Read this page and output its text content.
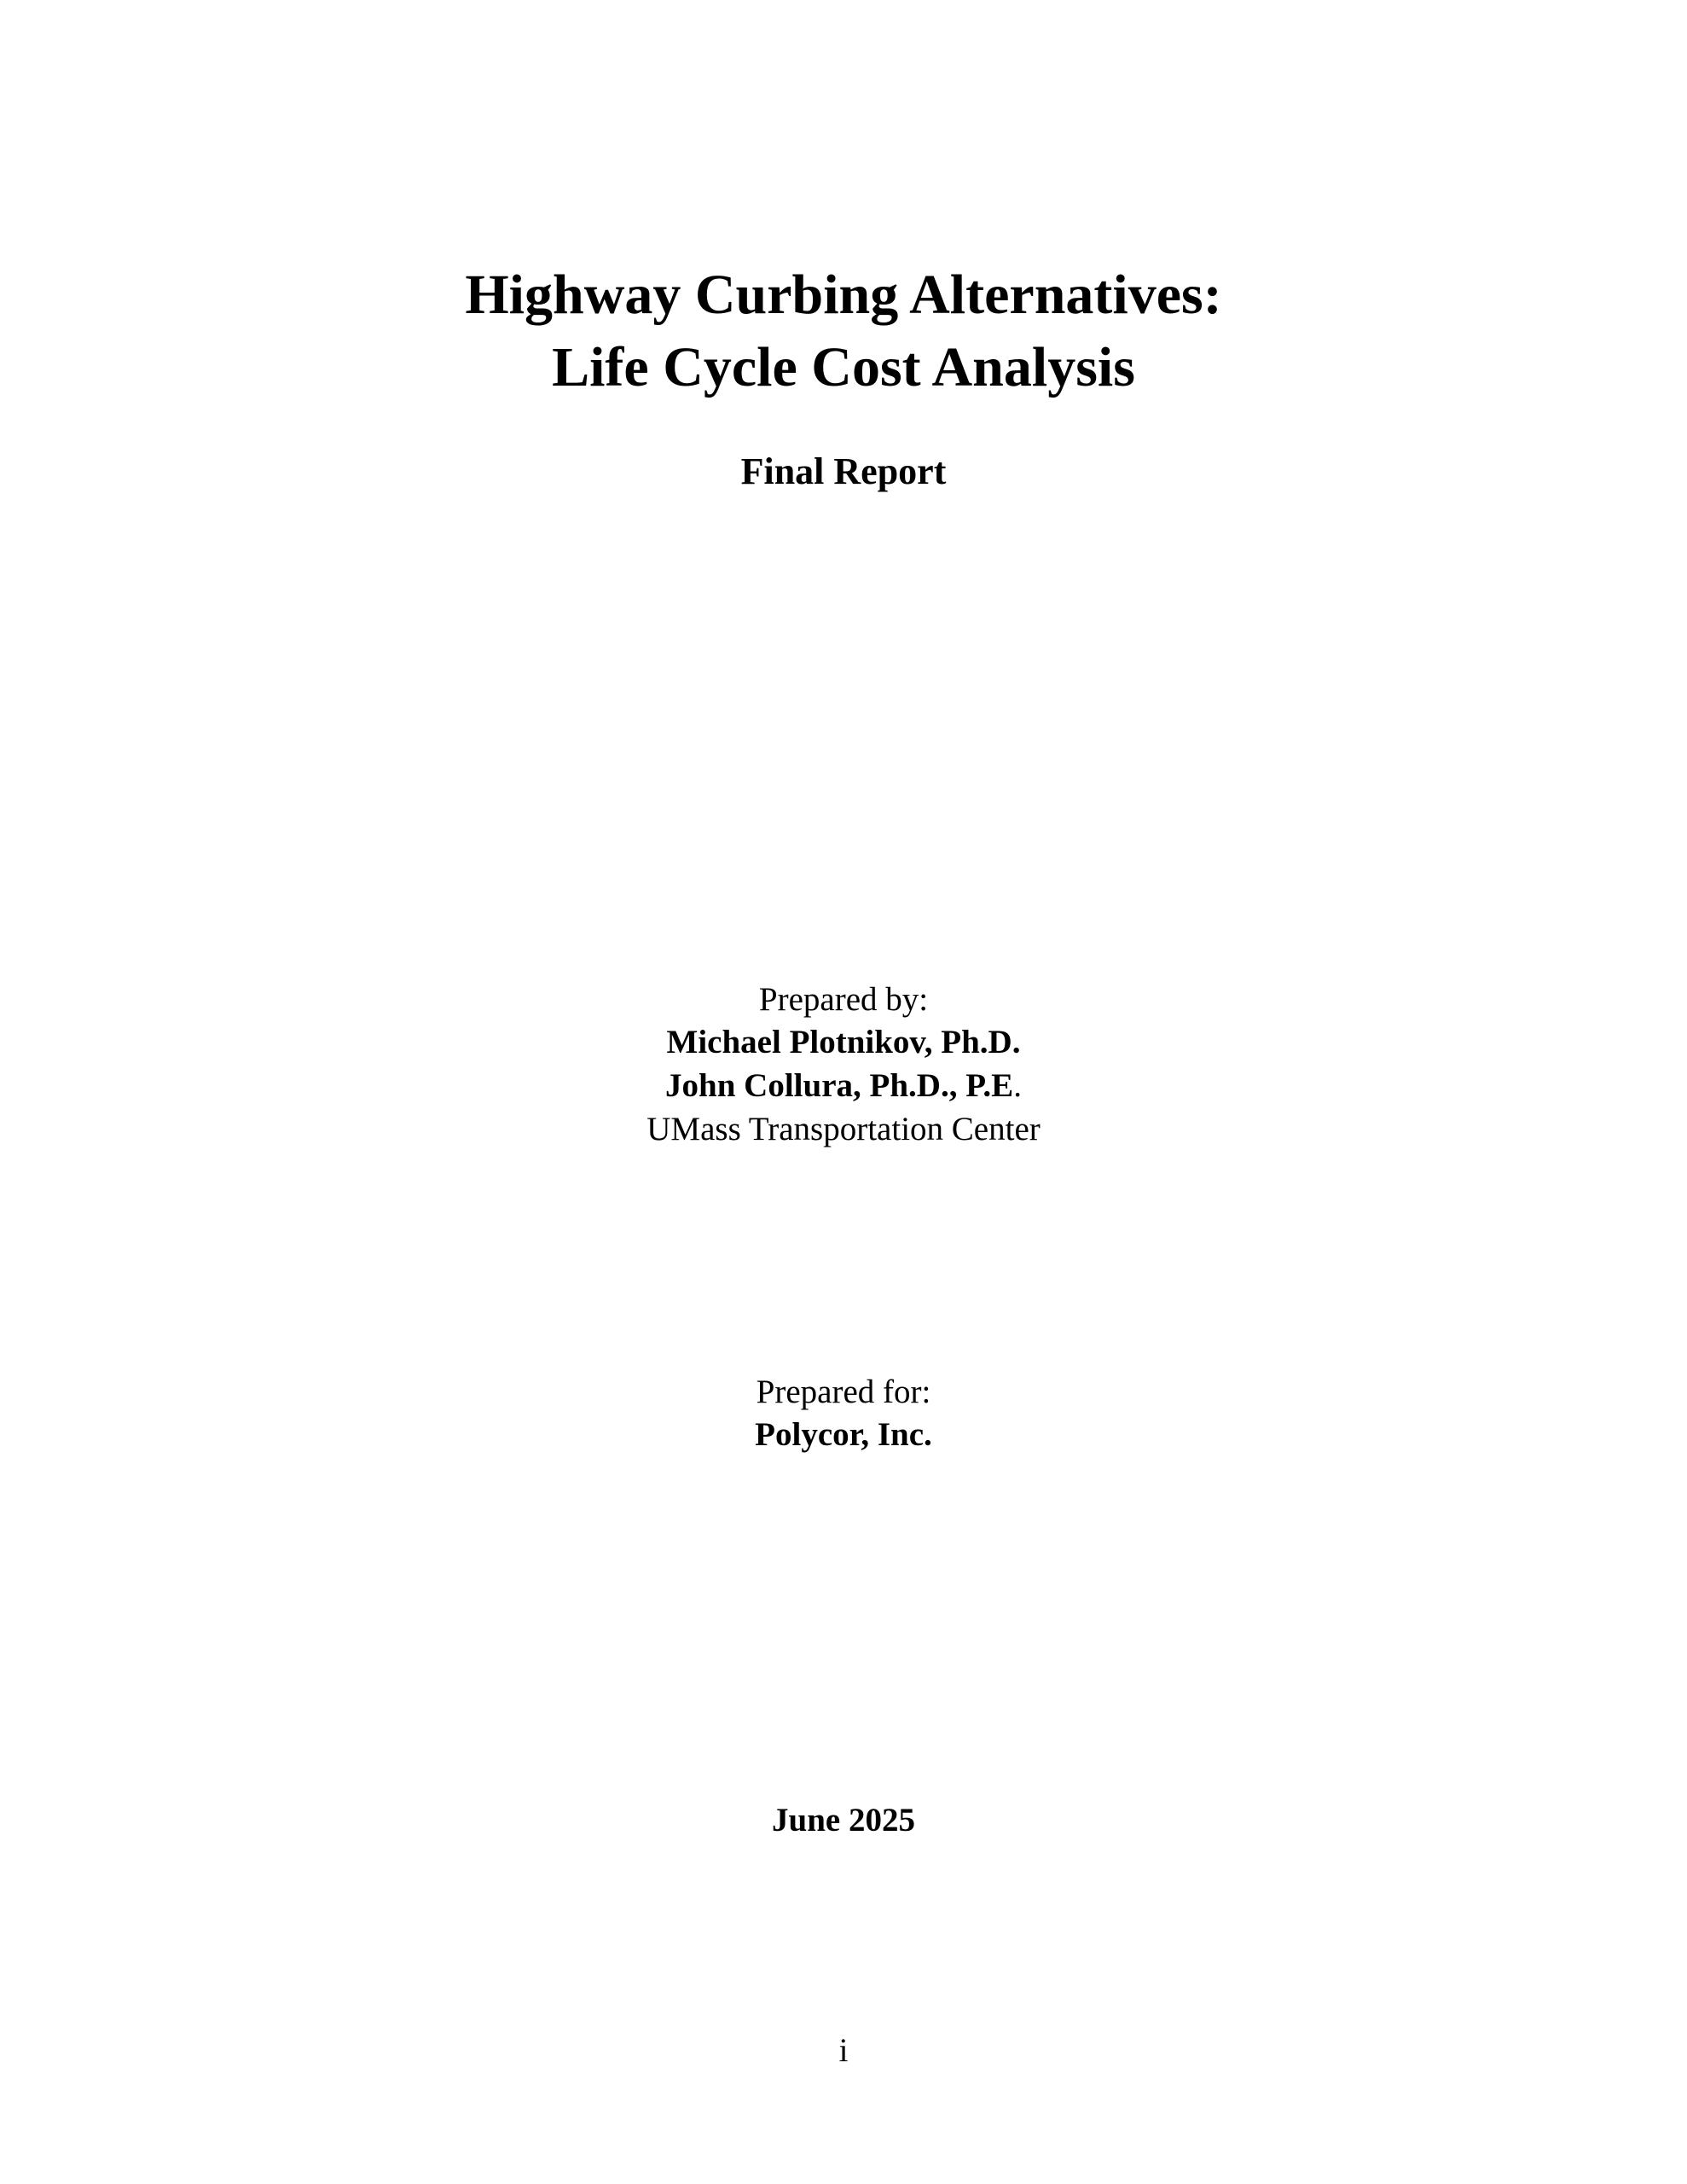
Highway Curbing Alternatives:
Life Cycle Cost Analysis
Final Report
Prepared by:
Michael Plotnikov, Ph.D.
John Collura, Ph.D., P.E.
UMass Transportation Center
Prepared for:
Polycor, Inc.
June 2025
i
